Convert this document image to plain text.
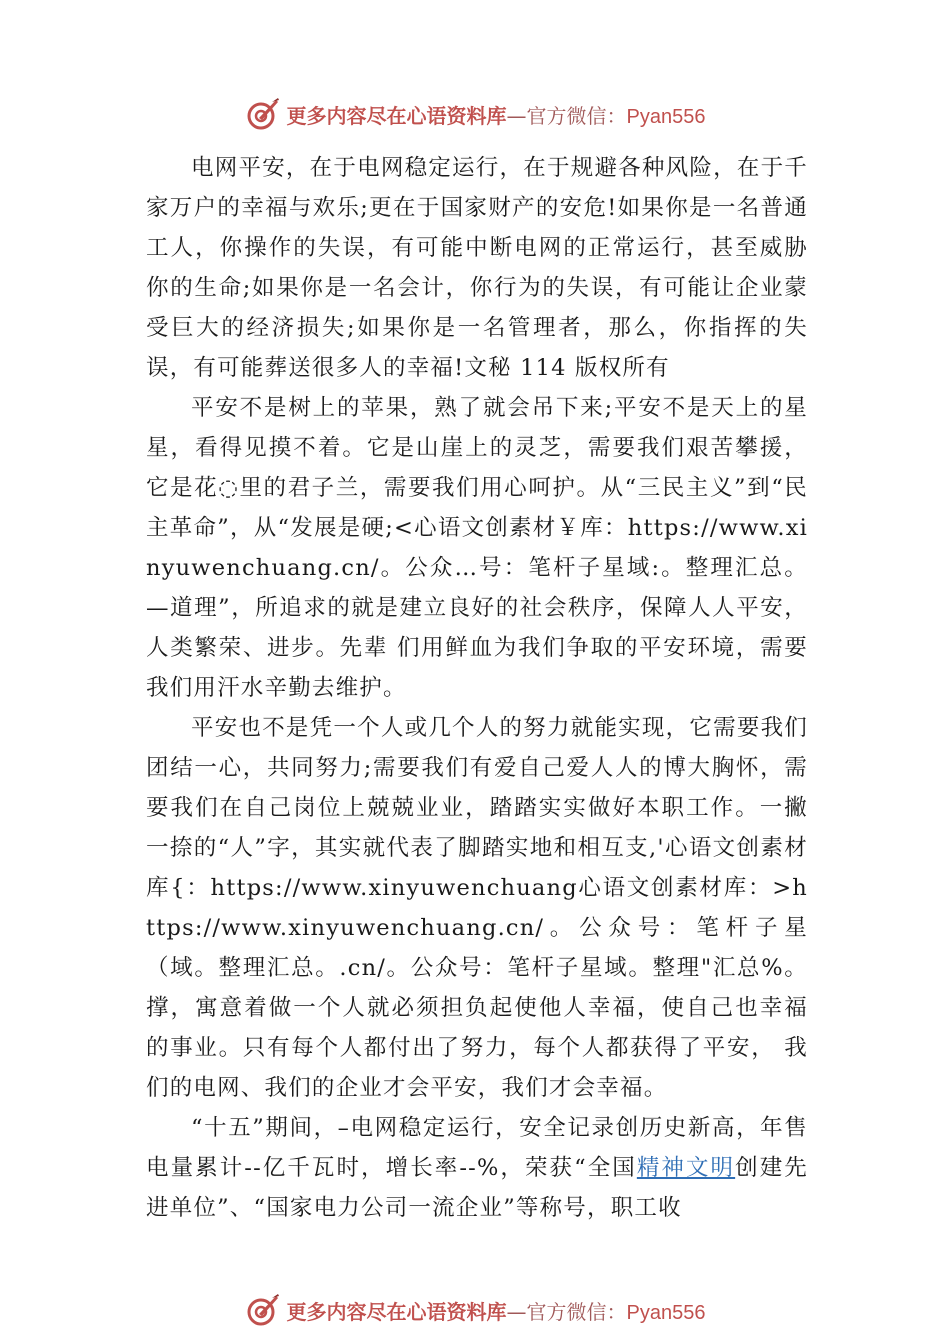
更多内容尽在心语资料库—官方微信：Pyan556

电网平安，在于电网稳定运行，在于规避各种风险，在于千家万户的幸福与欢乐;更在于国家财产的安危!如果你是一名普通工人，你操作的失误，有可能中断电网的正常运行，甚至威胁你的生命;如果你是一名会计，你行为的失误，有可能让企业蒙受巨大的经济损失;如果你是一名管理者，那么，你指挥的失误，有可能葬送很多人的幸福!文秘 114 版权所有

平安不是树上的苹果，熟了就会吊下来;平安不是天上的星星，看得见摸不着。它是山崖上的灵芝，需要我们艰苦攀援，它是花◌里的君子兰，需要我们用心呵护。从“三民主义”到“民主革命”，从“发展是硬;<心语文创素材￥库：https://www.xinyuwenchuang.cn/。公众…号：笔杆子星域:。整理汇总。—道理”，所追求的就是建立良好的社会秩序，保障人人平安，人类繁荣、进步。先辈 们用鲜血为我们争取的平安环境，需要我们用汗水辛勤去维护。

平安也不是凭一个人或几个人的努力就能实现，它需要我们团结一心，共同努力;需要我们有爱自己爱人人的博大胸怀，需要我们在自己岗位上兢兢业业，踏踏实实做好本职工作。一撇一捺的“人”字，其实就代表了脚踏实地和相互支,'心语文创素材库{：https://www.xinyuwenchuang心语文创素材库：>https://www.xinyuwenchuang.cn/。公众号：笔杆子星（域。整理汇总。.cn/。公众号：笔杆子星域。整理"汇总%。撑，寓意着做一个人就必须担负起使他人幸福，使自己也幸福的事业。只有每个人都付出了努力，每个人都获得了平安， 我们的电网、我们的企业才会平安，我们才会幸福。

“十五”期间，–电网稳定运行，安全记录创历史新高，年售电量累计--亿千瓦时，增长率--%，荣获“全国精神文明创建先进单位”、“国家电力公司一流企业”等称号，职工收

更多内容尽在心语资料库—官方微信：Pyan556
